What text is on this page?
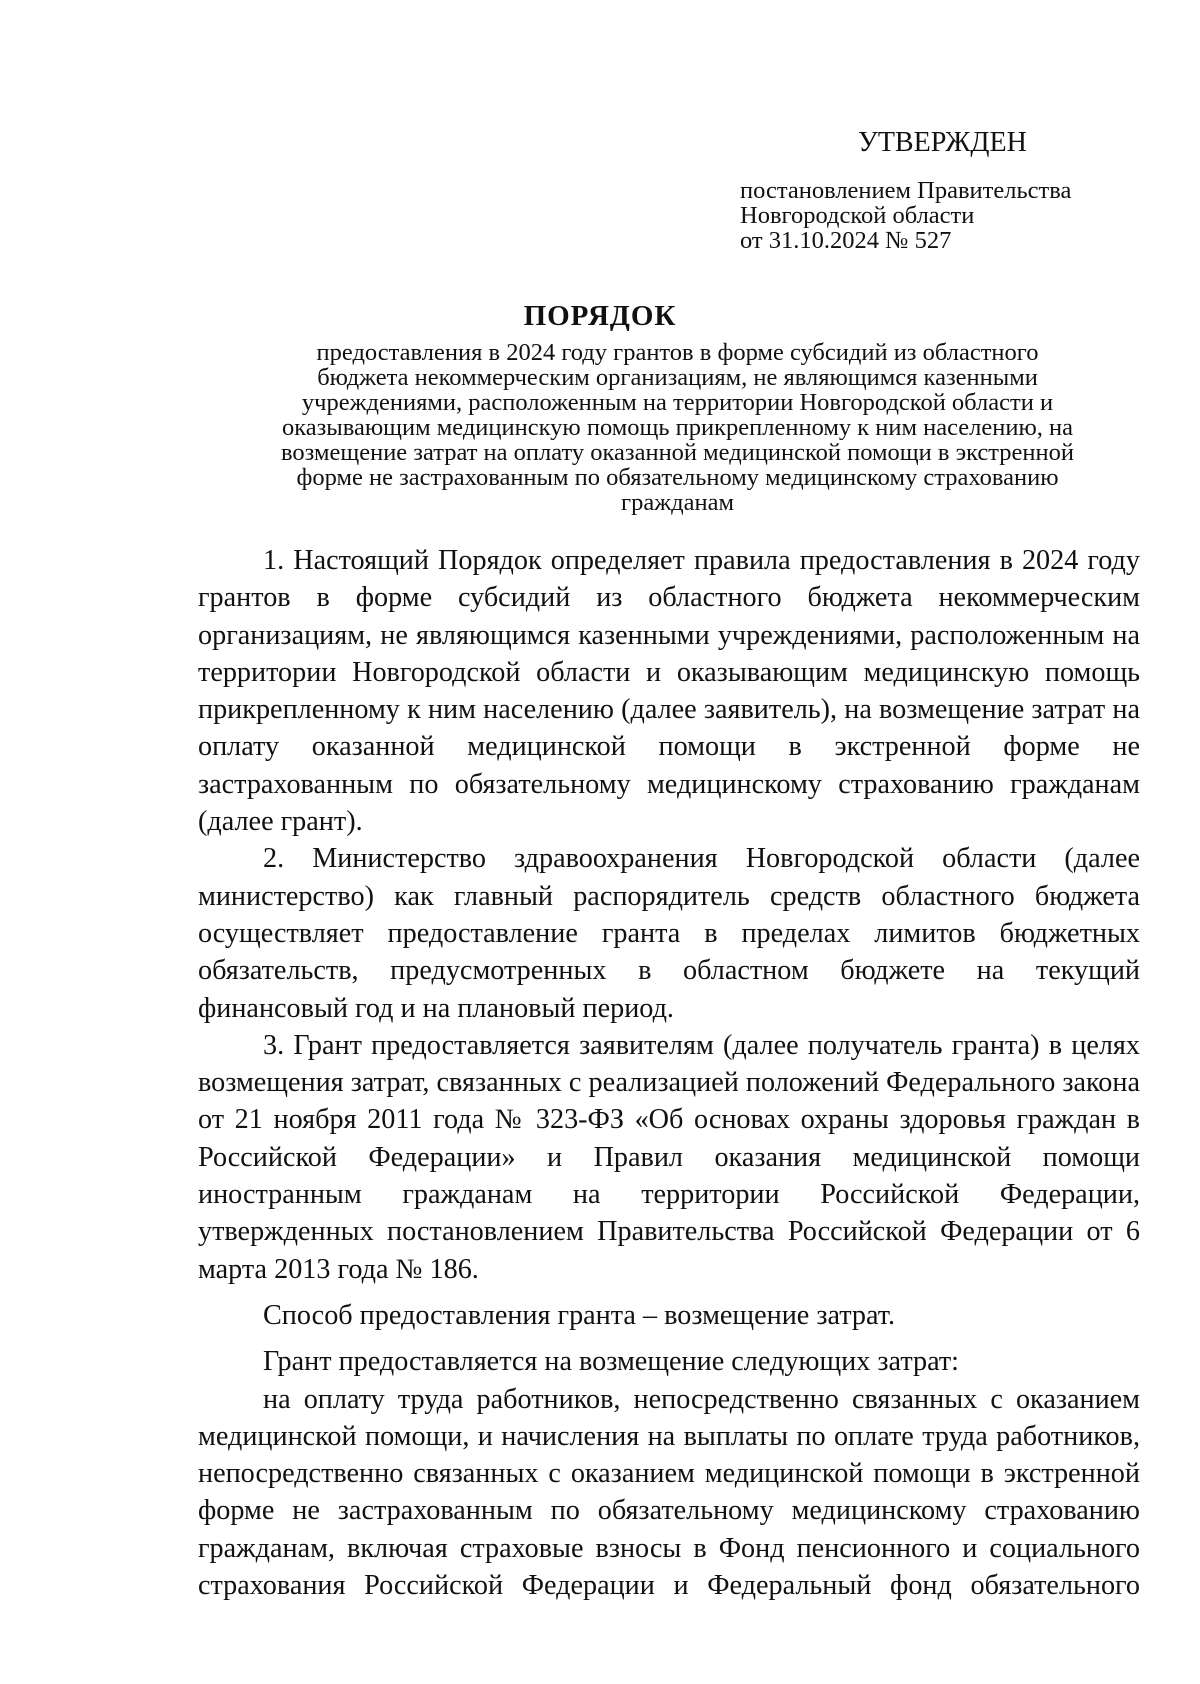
УТВЕРЖДЕН
постановлением Правительства
Новгородской области
от 31.10.2024 № 527
ПОРЯДОК
предоставления в 2024 году грантов в форме субсидий из областного
бюджета некоммерческим организациям, не являющимся казенными
учреждениями, расположенным на территории Новгородской области и
оказывающим медицинскую помощь прикрепленному к ним населению, на
возмещение затрат на оплату оказанной медицинской помощи в экстренной
форме не застрахованным по обязательному медицинскому страхованию
гражданам

1. Настоящий Порядок определяет правила предоставления в 2024 году грантов в форме субсидий из областного бюджета некоммерческим организациям, не являющимся казенными учреждениями, расположенным на территории Новгородской области и оказывающим медицинскую помощь прикрепленному к ним населению (далее заявитель), на возмещение затрат на оплату оказанной медицинской помощи в экстренной форме не застрахованным по обязательному медицинскому страхованию гражданам (далее грант).

2. Министерство здравоохранения Новгородской области (далее министерство) как главный распорядитель средств областного бюджета осуществляет предоставление гранта в пределах лимитов бюджетных обязательств, предусмотренных в областном бюджете на текущий финансовый год и на плановый период.

3. Грант предоставляется заявителям (далее получатель гранта) в целях возмещения затрат, связанных с реализацией положений Федерального закона от 21 ноября 2011 года № 323-ФЗ «Об основах охраны здоровья граждан в Российской Федерации» и Правил оказания медицинской помощи иностранным гражданам на территории Российской Федерации, утвержденных постановлением Правительства Российской Федерации от 6 марта 2013 года № 186.

Способ предоставления гранта – возмещение затрат.

Грант предоставляется на возмещение следующих затрат:

на оплату труда работников, непосредственно связанных с оказанием медицинской помощи, и начисления на выплаты по оплате труда работников, непосредственно связанных с оказанием медицинской помощи в экстренной форме не застрахованным по обязательному медицинскому страхованию гражданам, включая страховые взносы в Фонд пенсионного и социального страхования Российской Федерации и Федеральный фонд обязательного
